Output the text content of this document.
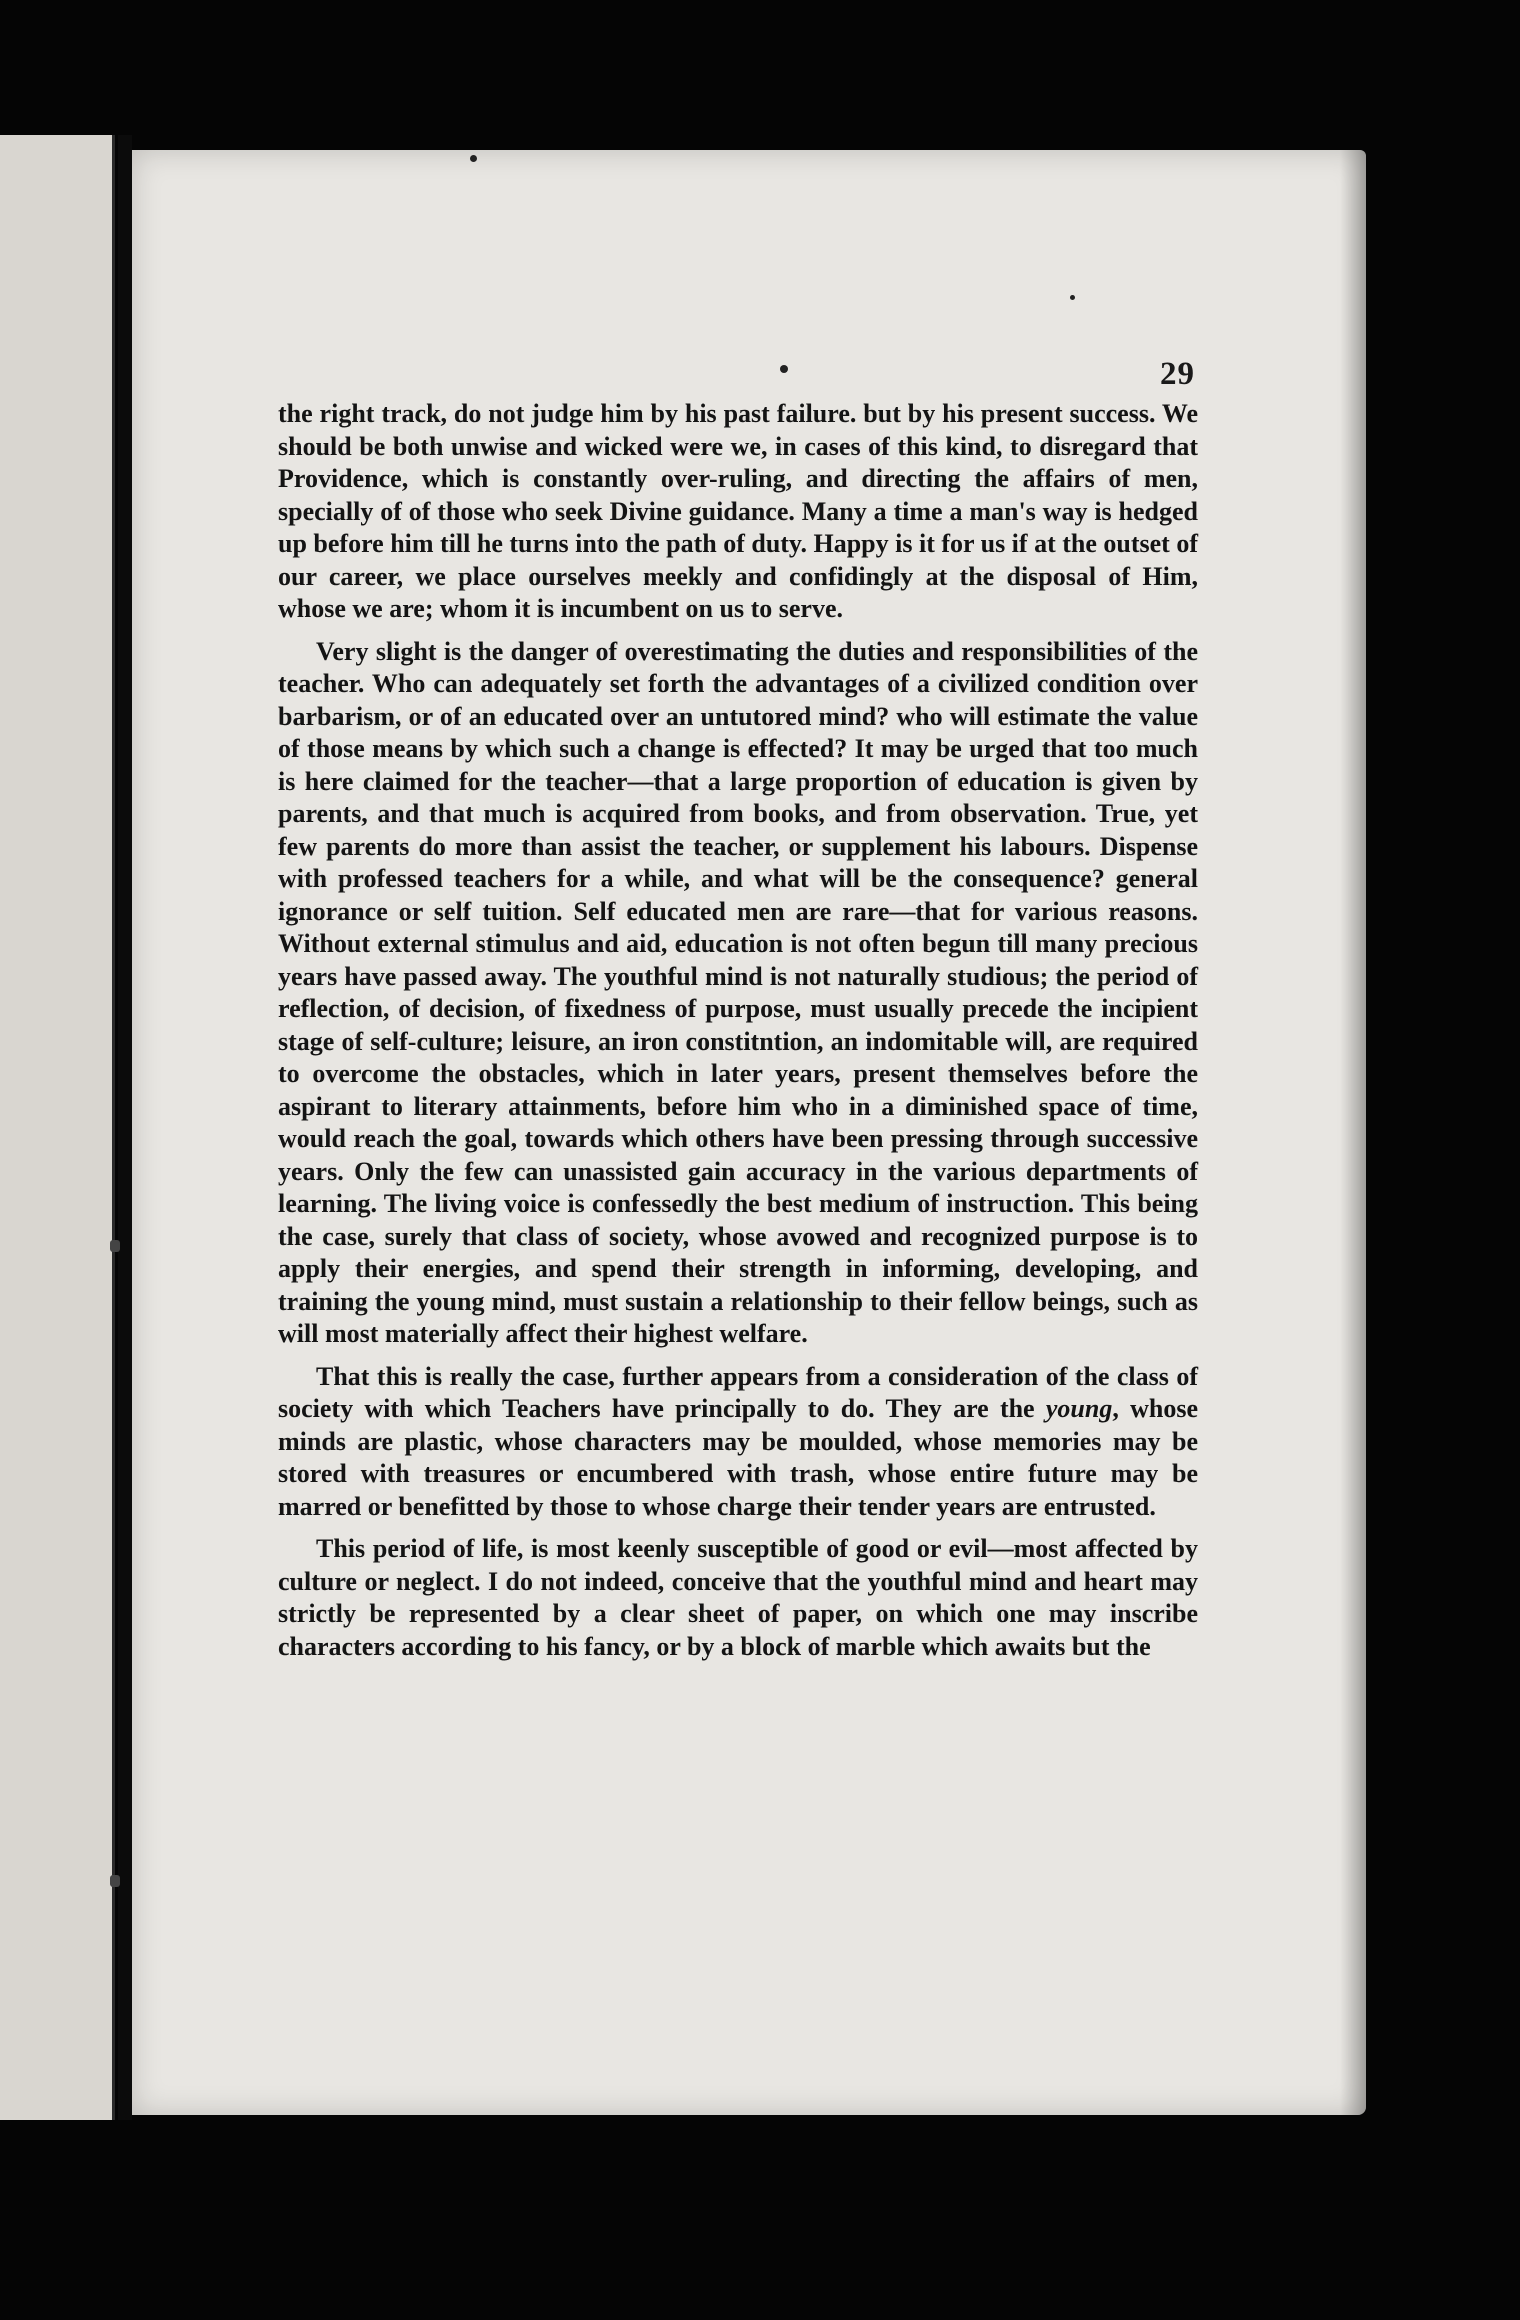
29

the right track, do not judge him by his past failure. but by his present success. We should be both unwise and wicked were we, in cases of this kind, to disregard that Providence, which is constantly over-ruling, and directing the affairs of men, specially of of those who seek Divine guidance. Many a time a man's way is hedged up before him till he turns into the path of duty. Happy is it for us if at the outset of our career, we place ourselves meekly and confidingly at the disposal of Him, whose we are; whom it is incumbent on us to serve.

Very slight is the danger of overestimating the duties and responsibilities of the teacher. Who can adequately set forth the advantages of a civilized condition over barbarism, or of an educated over an untutored mind? who will estimate the value of those means by which such a change is effected? It may be urged that too much is here claimed for the teacher—that a large proportion of education is given by parents, and that much is acquired from books, and from observation. True, yet few parents do more than assist the teacher, or supplement his labours. Dispense with professed teachers for a while, and what will be the consequence? general ignorance or self tuition. Self educated men are rare—that for various reasons. Without external stimulus and aid, education is not often begun till many precious years have passed away. The youthful mind is not naturally studious; the period of reflection, of decision, of fixedness of purpose, must usually precede the incipient stage of self-culture; leisure, an iron constitntion, an indomitable will, are required to overcome the obstacles, which in later years, present themselves before the aspirant to literary attainments, before him who in a diminished space of time, would reach the goal, towards which others have been pressing through successive years. Only the few can unassisted gain accuracy in the various departments of learning. The living voice is confessedly the best medium of instruction. This being the case, surely that class of society, whose avowed and recognized purpose is to apply their energies, and spend their strength in informing, developing, and training the young mind, must sustain a relationship to their fellow beings, such as will most materially affect their highest welfare.

That this is really the case, further appears from a consideration of the class of society with which Teachers have principally to do. They are the young, whose minds are plastic, whose characters may be moulded, whose memories may be stored with treasures or encumbered with trash, whose entire future may be marred or benefitted by those to whose charge their tender years are entrusted.

This period of life, is most keenly susceptible of good or evil—most affected by culture or neglect. I do not indeed, conceive that the youthful mind and heart may strictly be represented by a clear sheet of paper, on which one may inscribe characters according to his fancy, or by a block of marble which awaits but the
